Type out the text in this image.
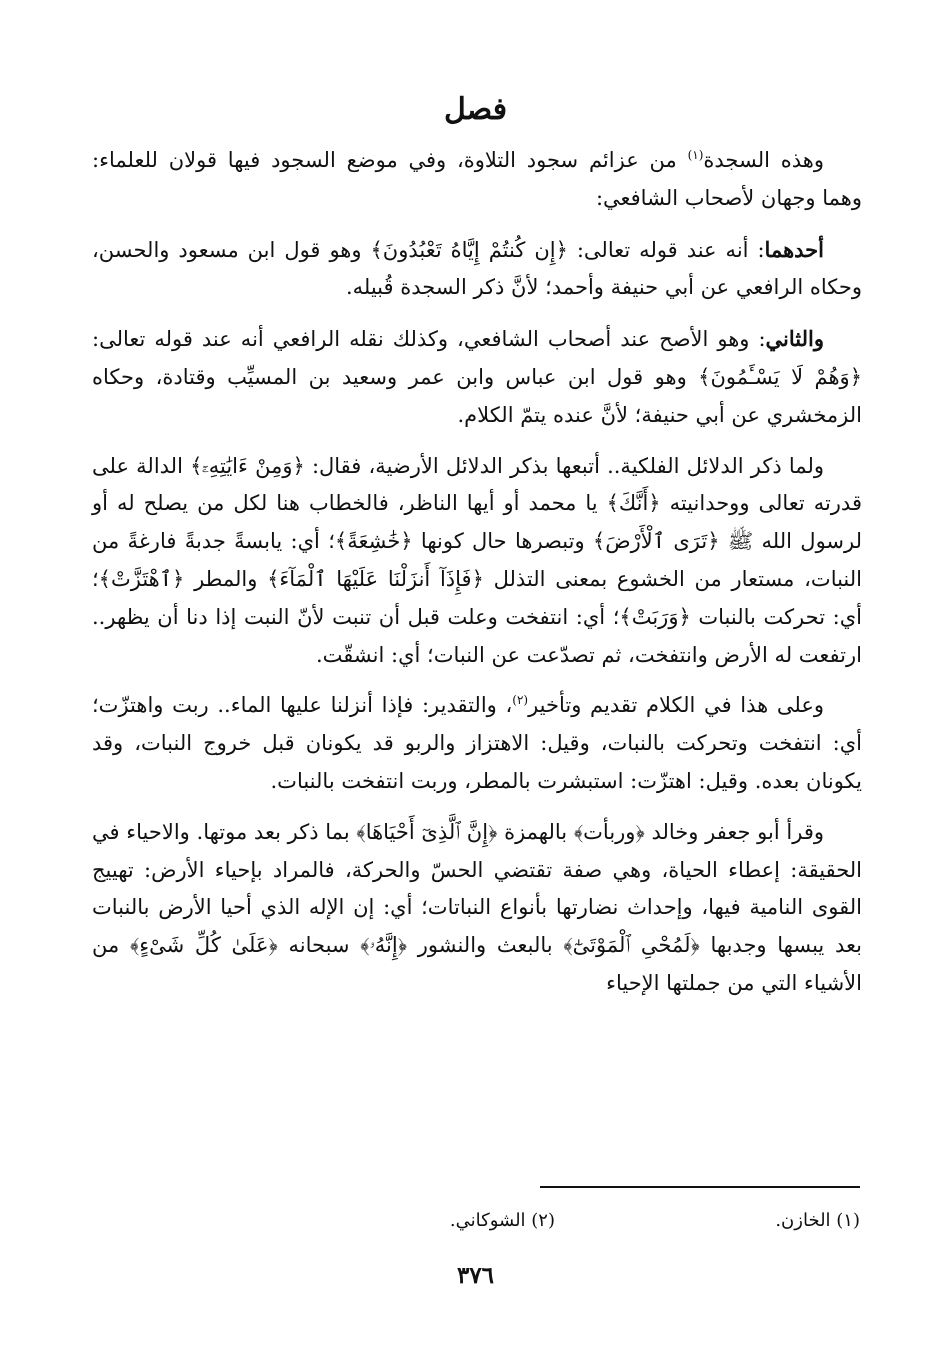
فصل

وهذه السجدة$^{(١)}$ من عزائم سجود التلاوة، وفي موضع السجود فيها قولان للعلماء: وهما وجهان لأصحاب الشافعي:

أحدهما: أنه عند قوله تعالى: ﴿إِن كُنتُمْ إِيَّاهُ تَعْبُدُونَ﴾ وهو قول ابن مسعود والحسن، وحكاه الرافعي عن أبي حنيفة وأحمد؛ لأنَّ ذكر السجدة قُبيله.

والثاني: وهو الأصح عند أصحاب الشافعي، وكذلك نقله الرافعي أنه عند قوله تعالى: ﴿وَهُمْ لَا يَسْـَٔمُونَ﴾ وهو قول ابن عباس وابن عمر وسعيد بن المسيِّب وقتادة، وحكاه الزمخشري عن أبي حنيفة؛ لأنَّ عنده يتمّ الكلام.

ولما ذكر الدلائل الفلكية.. أتبعها بذكر الدلائل الأرضية، فقال: ﴿وَمِنْ ءَايَٰتِهِۦٓ﴾ الدالة على قدرته تعالى ووحدانيته ﴿أَنَّكَ﴾ يا محمد أو أيها الناظر، فالخطاب هنا لكل من يصلح له أو لرسول الله ﷺ ﴿تَرَى ٱلْأَرْضَ﴾ وتبصرها حال كونها ﴿خَٰشِعَةً﴾؛ أي: يابسةً جدبةً فارغةً من النبات، مستعار من الخشوع بمعنى التذلل ﴿فَإِذَآ أَنزَلْنَا عَلَيْهَا ٱلْمَآءَ﴾ والمطر ﴿ٱهْتَزَّتْ﴾؛ أي: تحركت بالنبات ﴿وَرَبَتْ﴾؛ أي: انتفخت وعلت قبل أن تنبت لأنّ النبت إذا دنا أن يظهر.. ارتفعت له الأرض وانتفخت، ثم تصدّعت عن النبات؛ أي: انشقّت.

وعلى هذا في الكلام تقديم وتأخير$^{(٢)}$، والتقدير: فإذا أنزلنا عليها الماء.. ربت واهتزّت؛ أي: انتفخت وتحركت بالنبات، وقيل: الاهتزاز والربو قد يكونان قبل خروج النبات، وقد يكونان بعده. وقيل: اهتزّت: استبشرت بالمطر، وربت انتفخت بالنبات.

وقرأ أبو جعفر وخالد ﴿وربأت﴾ بالهمزة ﴿إِنَّ ٱلَّذِىٓ أَحْيَاهَا﴾ بما ذكر بعد موتها. والاحياء في الحقيقة: إعطاء الحياة، وهي صفة تقتضي الحسّ والحركة، فالمراد بإحياء الأرض: تهييج القوى النامية فيها، وإحداث نضارتها بأنواع النباتات؛ أي: إن الإله الذي أحيا الأرض بالنبات بعد يبسها وجدبها ﴿لَمُحْىِ ٱلْمَوْتَىٰٓ﴾ بالبعث والنشور ﴿إِنَّهُۥ﴾ سبحانه ﴿عَلَىٰ كُلِّ شَىْءٍ﴾ من الأشياء التي من جملتها الإحياء

(١) الخازن.

(٢) الشوكاني.

٣٧٦
